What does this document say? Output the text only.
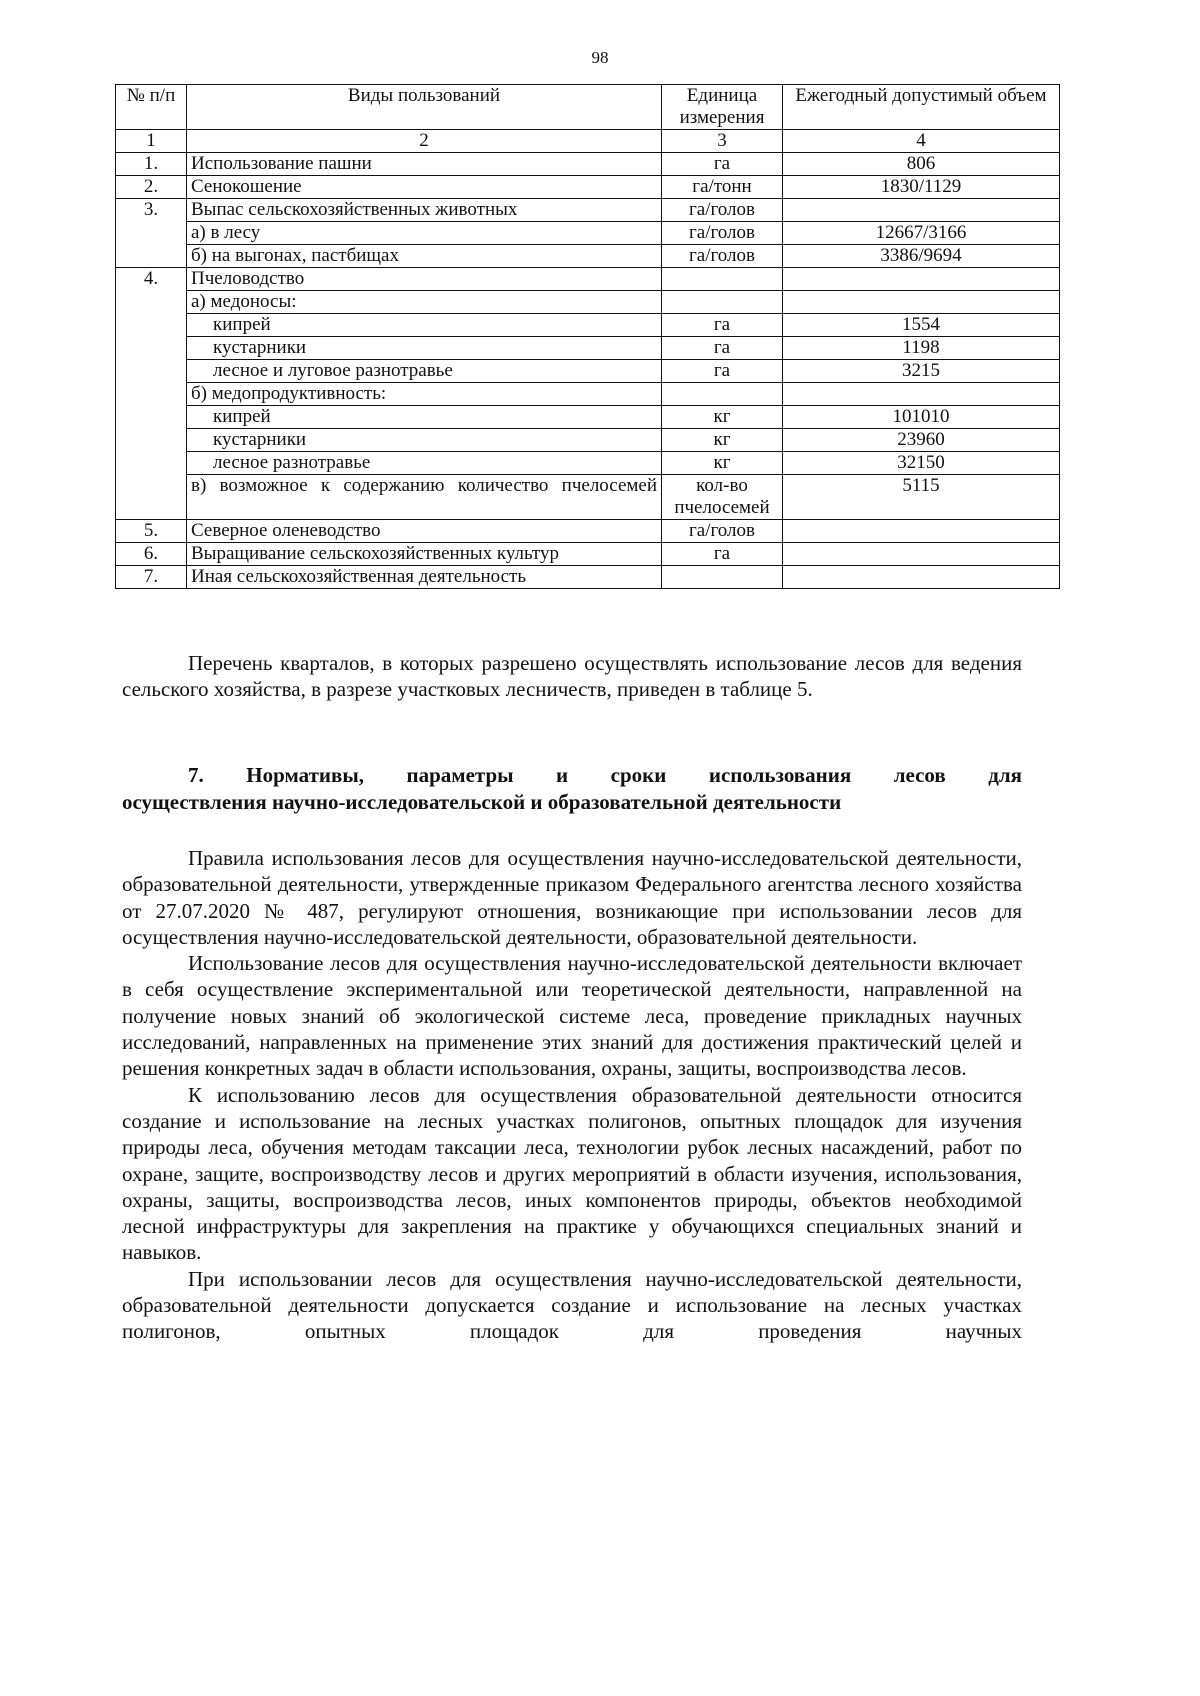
98
№ п/п	Виды пользований	Единица измерения	Ежегодный допустимый объем
1	2	3	4
1.	Использование пашни	га	806
2.	Сенокошение	га/тонн	1830/1129
3.	Выпас сельскохозяйственных животных	га/голов	
	а) в лесу	га/голов	12667/3166
	б) на выгонах, пастбищах	га/голов	3386/9694
4.	Пчеловодство		
	а) медоносы:		
	кипрей	га	1554
	кустарники	га	1198
	лесное и луговое разнотравье	га	3215
	б) медопродуктивность:		
	кипрей	кг	101010
	кустарники	кг	23960
	лесное разнотравье	кг	32150
	в) возможное к содержанию количество пчелосемей	кол-во пчелосемей	5115
5.	Северное оленеводство	га/голов	
6.	Выращивание сельскохозяйственных культур	га	
7.	Иная сельскохозяйственная деятельность		

Перечень кварталов, в которых разрешено осуществлять использование лесов для ведения сельского хозяйства, в разрезе участковых лесничеств, приведен в таблице 5.

7. Нормативы, параметры и сроки использования лесов для
осуществления научно-исследовательской и образовательной деятельности

Правила использования лесов для осуществления научно-исследовательской деятельности, образовательной деятельности, утвержденные приказом Федерального агентства лесного хозяйства от 27.07.2020 № 487, регулируют отношения, возникающие при использовании лесов для осуществления научно-исследовательской деятельности, образовательной деятельности.

Использование лесов для осуществления научно-исследовательской деятельности включает в себя осуществление экспериментальной или теоретической деятельности, направленной на получение новых знаний об экологической системе леса, проведение прикладных научных исследований, направленных на применение этих знаний для достижения практический целей и решения конкретных задач в области использования, охраны, защиты, воспроизводства лесов.

К использованию лесов для осуществления образовательной деятельности относится создание и использование на лесных участках полигонов, опытных площадок для изучения природы леса, обучения методам таксации леса, технологии рубок лесных насаждений, работ по охране, защите, воспроизводству лесов и других мероприятий в области изучения, использования, охраны, защиты, воспроизводства лесов, иных компонентов природы, объектов необходимой лесной инфраструктуры для закрепления на практике у обучающихся специальных знаний и навыков.

При использовании лесов для осуществления научно-исследовательской деятельности, образовательной деятельности допускается создание и использование на лесных участках полигонов, опытных площадок для проведения научных
